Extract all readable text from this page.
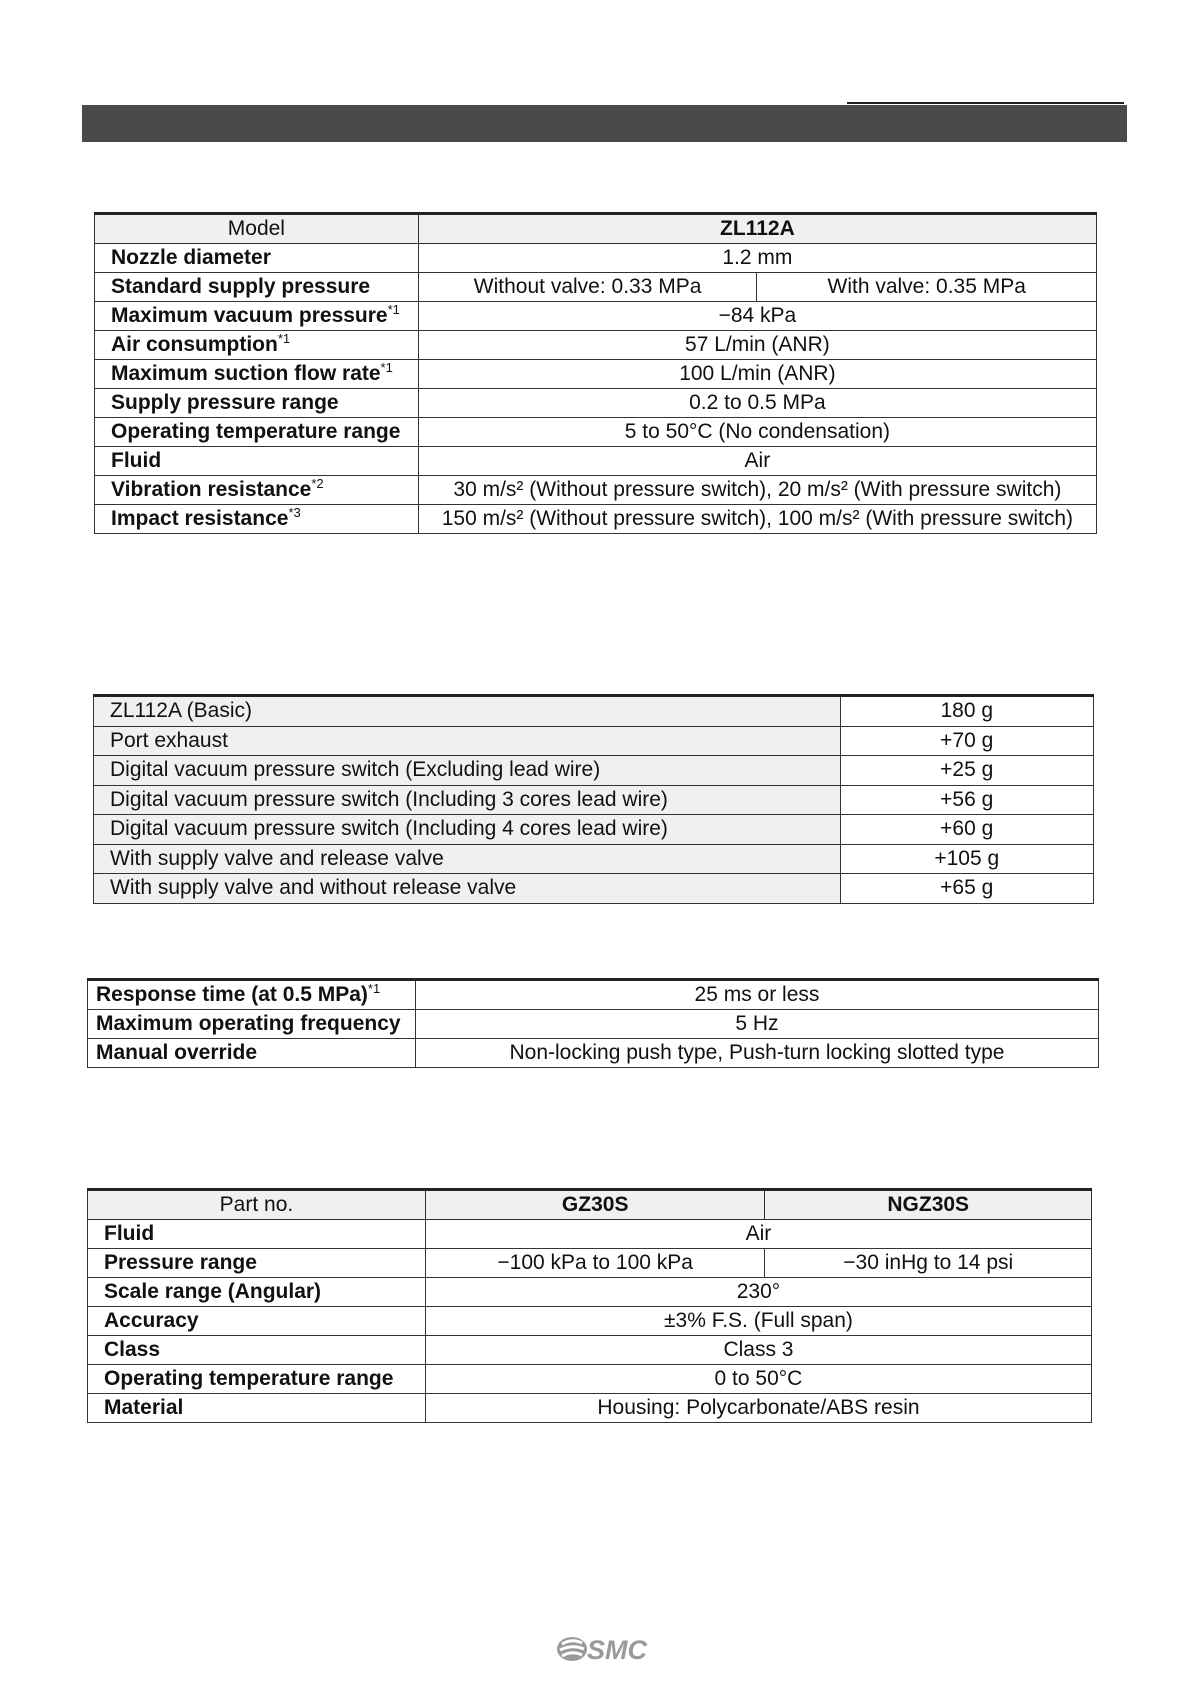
Model	ZL112A	
Nozzle diameter	1.2 mm	
Standard supply pressure	Without valve: 0.33 MPa	With valve: 0.35 MPa
Maximum vacuum pressure$^{*1}$	−84 kPa	
Air consumption$^{*1}$	57 L/min (ANR)	
Maximum suction flow rate$^{*1}$	100 L/min (ANR)	
Supply pressure range	0.2 to 0.5 MPa	
Operating temperature range	5 to 50°C (No condensation)	
Fluid	Air	
Vibration resistance$^{*2}$	30 m/s² (Without pressure switch), 20 m/s² (With pressure switch)	
Impact resistance$^{*3}$	150 m/s² (Without pressure switch), 100 m/s² (With pressure switch)	
ZL112A (Basic)	180 g
Port exhaust	+70 g
Digital vacuum pressure switch (Excluding lead wire)	+25 g
Digital vacuum pressure switch (Including 3 cores lead wire)	+56 g
Digital vacuum pressure switch (Including 4 cores lead wire)	+60 g
With supply valve and release valve	+105 g
With supply valve and without release valve	+65 g
Response time (at 0.5 MPa)$^{*1}$	25 ms or less
Maximum operating frequency	5 Hz
Manual override	Non-locking push type, Push-turn locking slotted type
Part no.	GZ30S	NGZ30S
Fluid	Air	
Pressure range	−100 kPa to 100 kPa	−30 inHg to 14 psi
Scale range (Angular)	230°	
Accuracy	±3% F.S. (Full span)	
Class	Class 3	
Operating temperature range	0 to 50°C	
Material	Housing: Polycarbonate/ABS resin	
SMC
